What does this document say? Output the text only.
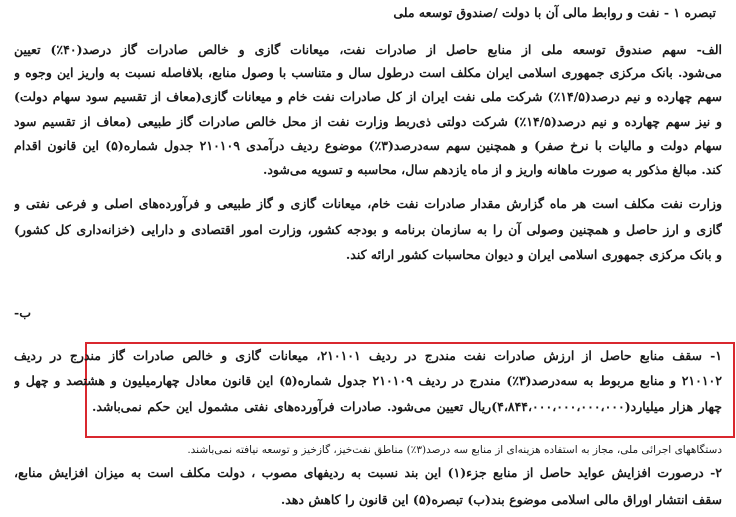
تبصره ۱ - نفت و روابط مالی آن با دولت /صندوق توسعه ملی
الف- سهم صندوق توسعه ملی از منابع حاصل از صادرات نفت، میعانات گازی و خالص صادرات گاز درصد(۴۰٪) تعیین
می‌شود. بانک مرکزی جمهوری اسلامی ایران مکلف است درطول سال و متناسب با وصول منابع، بلافاصله نسبت به واریز این وجوه و
سهم چهارده و نیم درصد(۱۴/۵٪) شرکت ملی نفت ایران از کل صادرات نفت خام و میعانات گازی(معاف از تقسیم سود سهام دولت)
و نیز سهم چهارده و نیم درصد(۱۴/۵٪) شرکت دولتی ذی‌ربط وزارت نفت از محل خالص صادرات گاز طبیعی (معاف از تقسیم سود
سهام دولت و مالیات با نرخ صفر) و همچنین سهم سه‌درصد(۳٪) موضوع ردیف درآمدی ۲۱۰۱۰۹ جدول شماره(۵) این قانون اقدام
کند. مبالغ مذکور به صورت ماهانه واریز و از ماه یازدهم سال، محاسبه و تسویه می‌شود.
وزارت نفت مکلف است هر ماه گزارش مقدار صادرات نفت خام، میعانات گازی و گاز طبیعی و فرآورده‌های اصلی و فرعی نفتی و
گازی و ارز حاصل و همچنین وصولی آن را به سازمان برنامه و بودجه کشور، وزارت امور اقتصادی و دارایی (خزانه‌داری کل کشور)
و بانک مرکزی جمهوری اسلامی ایران و دیوان محاسبات کشور ارائه کند.
ب-
۱- سقف منابع حاصل از ارزش صادرات نفت مندرج در ردیف ۲۱۰۱۰۱، میعانات گازی و خالص صادرات گاز مندرج در ردیف
۲۱۰۱۰۲ و منابع مربوط به سه‌درصد(۳٪) مندرج در ردیف ۲۱۰۱۰۹ جدول شماره(۵) این قانون معادل چهارمیلیون و هشتصد و چهل و
چهار هزار میلیارد(۴،۸۴۴،۰۰۰،۰۰۰،۰۰۰،۰۰۰)ریال تعیین می‌شود. صادرات فرآورده‌های نفتی مشمول این حکم نمی‌باشد.
دستگاههای اجرائی ملی، مجاز به استفاده هزینه‌ای از منابع سه درصد(۳٪) مناطق نفت‌خیز، گازخیز و توسعه نیافته نمی‌باشند.
۲- درصورت افزایش عواید حاصل از منابع جزء(۱) این بند نسبت به ردیفهای مصوب ، دولت مکلف است به میزان افزایش منابع،
سقف انتشار اوراق مالی اسلامی موضوع بند(ب) تبصره(۵) این قانون را کاهش دهد.
